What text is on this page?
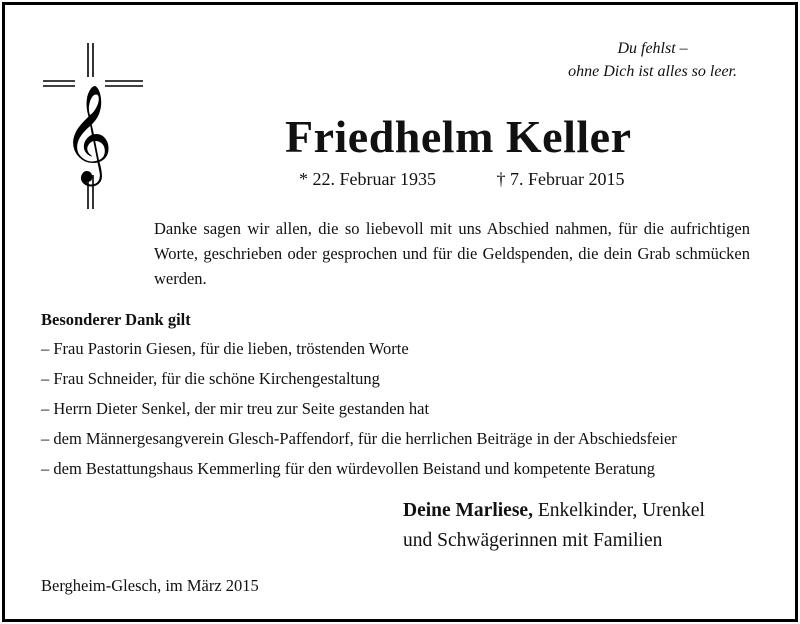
𝄞
Du fehlst –
ohne Dich ist alles so leer.
Friedhelm Keller
* 22. Februar 1935	† 7. Februar 2015

Danke sagen wir allen, die so liebevoll mit uns Abschied nahmen, für die aufrichtigen Worte, geschrieben oder gesprochen und für die Geldspenden, die dein Grab schmücken werden.

Besonderer Dank gilt
– Frau Pastorin Giesen, für die lieben, tröstenden Worte
– Frau Schneider, für die schöne Kirchengestaltung
– Herrn Dieter Senkel, der mir treu zur Seite gestanden hat
– dem Männergesangverein Glesch-Paffendorf, für die herrlichen Beiträge in der Abschiedsfeier
– dem Bestattungshaus Kemmerling für den würdevollen Beistand und kompetente Beratung
Deine Marliese, Enkelkinder, Urenkel
und Schwägerinnen mit Familien
Bergheim-Glesch, im März 2015
